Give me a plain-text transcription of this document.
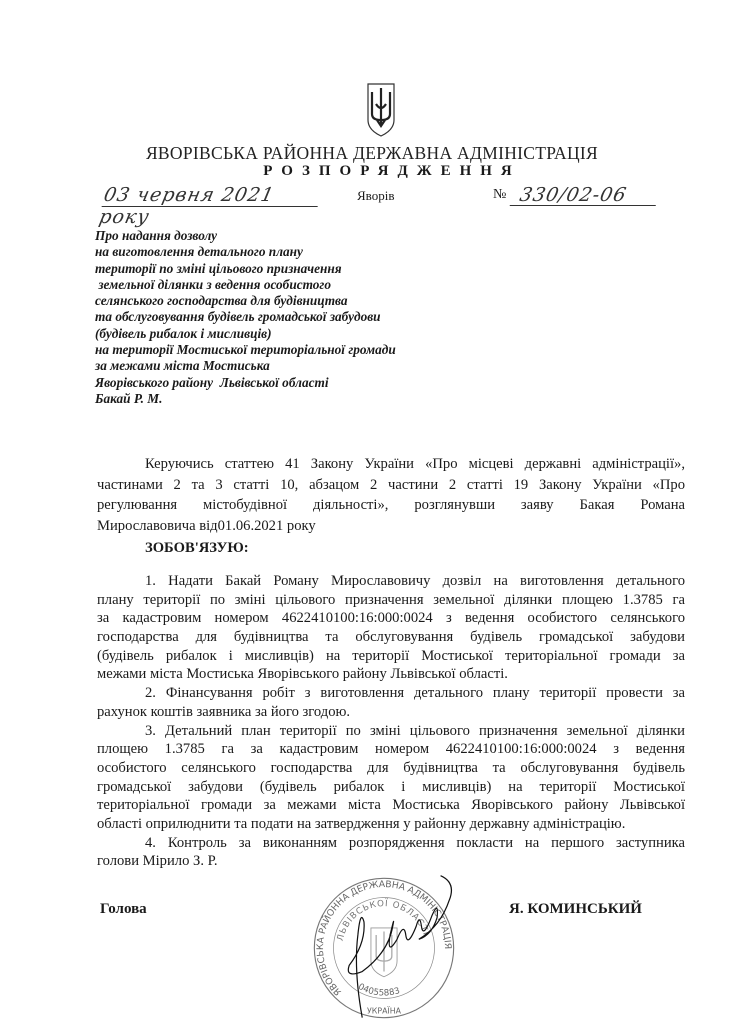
ЯВОРІВСЬКА РАЙОННА ДЕРЖАВНА АДМІНІСТРАЦІЯ
РОЗПОРЯДЖЕННЯ
03 червня 2021 року
Яворів	№ 330/02-06
Про надання дозволу
на виготовлення детального плану
території по зміні цільового призначення
земельної ділянки з ведення особистого
селянського господарства для будівництва
та обслуговування будівель громадської забудови
(будівель рибалок і мисливців)
на території Мостиської територіальної громади
за межами міста Мостиська
Яворівського району  Львівської області
Бакай Р. М.
Керуючись статтею 41 Закону України «Про місцеві державні адміністрації»,
частинами 2 та 3 статті 10, абзацом 2 частини 2 статті 19 Закону України «Про
регулювання містобудівної діяльності», розглянувши заяву Бакая Романа
Мирославовича від01.06.2021 року
ЗОБОВ'ЯЗУЮ:
1. Надати Бакай Роману Мирославовичу дозвіл на виготовлення детального
плану території по зміні цільового призначення земельної ділянки площею 1.3785 га
за кадастровим номером 4622410100:16:000:0024 з ведення особистого селянського
господарства для будівництва та обслуговування будівель громадської забудови
(будівель рибалок і мисливців) на території Мостиської територіальної громади за
межами міста Мостиська Яворівського району Львівської області.
2. Фінансування робіт з виготовлення детального плану території провести за
рахунок коштів заявника за його згодою.
3. Детальний план території по зміні цільового призначення земельної ділянки
площею 1.3785 га за кадастровим номером 4622410100:16:000:0024 з ведення
особистого селянського господарства для будівництва та обслуговування будівель
громадської забудови (будівель рибалок і мисливців) на території Мостиської
територіальної громади за межами міста Мостиська Яворівського району Львівської
області оприлюднити та подати на затвердження у районну державну адміністрацію.
4. Контроль за виконанням розпорядження покласти на першого заступника
голови Мірило З. Р.
Голова	Я. КОМИНСЬКИЙ
ЯВОРІВСЬКА РАЙОННА ДЕРЖАВНА АДМІНІСТРАЦІЯ
ЛЬВІВСЬКОЇ ОБЛАСТІ
04055883
УКРАЇНА
